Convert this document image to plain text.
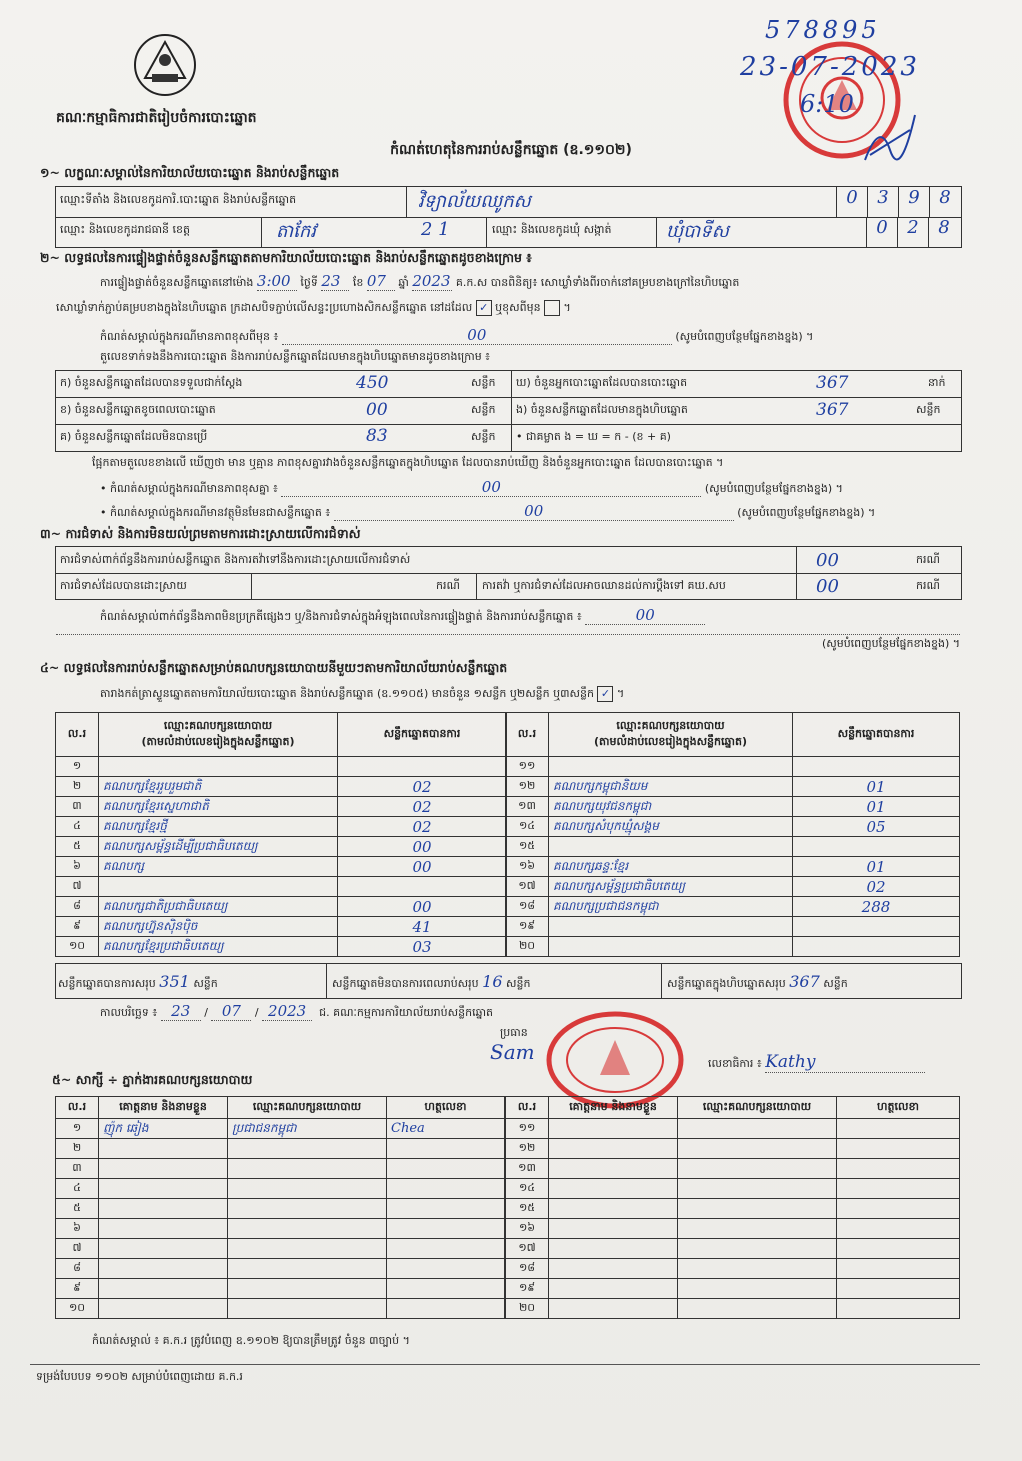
គណៈកម្មាធិការជាតិរៀបចំការបោះឆ្នោត
578895
23-07-2023
6:10
កំណត់ហេតុនៃការរាប់សន្លឹកឆ្នោត (ឧ.១១០២)
១~ លក្ខណៈសម្គាល់នៃការិយាល័យបោះឆ្នោត និងរាប់សន្លឹកឆ្នោត
ឈ្មោះទីតាំង និងលេខកូដការិ.បោះឆ្នោត និងរាប់សន្លឹកឆ្នោត	វិទ្យាល័យឈូកស	0	3	9	8
ឈ្មោះ និងលេខកូដរាជធានី ខេត្ត	តាកែវ	2 1	ឈ្មោះ និងលេខកូដឃុំ សង្កាត់	ឃុំបាទីស	0	2	8
២~ លទ្ធផលនៃការផ្ទៀងផ្ទាត់ចំនួនសន្លឹកឆ្នោតតាមការិយាល័យបោះឆ្នោត និងរាប់សន្លឹកឆ្នោតដូចខាងក្រោម ៖
ការផ្ទៀងផ្ទាត់ចំនួនសន្លឹកឆ្នោតនៅម៉ោង 3:00 ថ្ងៃទី 23 ខែ 07 ឆ្នាំ 2023 គ.ក.ស បានពិនិត្យ៖ សោឃ្លាំទាំងពីរចាក់នៅគម្របខាងក្រៅនៃហិបឆ្នោត
សោឃ្លាំទាក់ភ្ជាប់គម្របខាងក្នុងនៃហិបឆ្នោត ក្រដាសបិទភ្ជាប់លើសន្ទះប្រហោងសិកសន្លឹកឆ្នោត នៅដដែល ✓ ឬខុសពីមុន  ។
កំណត់សម្គាល់ក្នុងករណីមានភាពខុសពីមុន ៖	00	(សូមបំពេញបន្ថែមផ្នែកខាងខ្នង) ។
តួលេខទាក់ទងនឹងការបោះឆ្នោត និងការរាប់សន្លឹកឆ្នោតដែលមានក្នុងហិបឆ្នោតមានដូចខាងក្រោម ៖
ក) ចំនួនសន្លឹកឆ្នោតដែលបានទទួលជាក់ស្តែង	450	សន្លឹក ឃ) ចំនួនអ្នកបោះឆ្នោតដែលបានបោះឆ្នោត	367	នាក់
ខ) ចំនួនសន្លឹកឆ្នោតខូចពេលបោះឆ្នោត	00	សន្លឹក ង) ចំនួនសន្លឹកឆ្នោតដែលមានក្នុងហិបឆ្នោត	367	សន្លឹក
គ) ចំនួនសន្លឹកឆ្នោតដែលមិនបានប្រើ	83	សន្លឹក • ជាគម្លាត ង = ឃ = ក - (ខ + គ)
ផ្អែកតាមតួលេខខាងលើ ឃើញថា មាន ឬគ្មាន ភាពខុសគ្នារវាងចំនួនសន្លឹកឆ្នោតក្នុងហិបឆ្នោត ដែលបានរាប់ឃើញ និងចំនួនអ្នកបោះឆ្នោត ដែលបានបោះឆ្នោត ។
• កំណត់សម្គាល់ក្នុងករណីមានភាពខុសគ្នា ៖	00	(សូមបំពេញបន្ថែមផ្នែកខាងខ្នង) ។
• កំណត់សម្គាល់ក្នុងករណីមានវត្ថុមិនមែនជាសន្លឹកឆ្នោត ៖	00	(សូមបំពេញបន្ថែមផ្នែកខាងខ្នង) ។
៣~ ការជំទាស់ និងការមិនយល់ព្រមតាមការដោះស្រាយលើការជំទាស់
ការជំទាស់ពាក់ព័ន្ធនឹងការរាប់សន្លឹកឆ្នោត និងការតវ៉ាទៅនឹងការដោះស្រាយលើការជំទាស់	00	ករណី
ការជំទាស់ដែលបានដោះស្រាយ	ករណី ការតវ៉ា ឬការជំទាស់ដែលអាចឈានដល់ការប្តឹងទៅ គឃ.សប	00	ករណី
កំណត់សម្គាល់ពាក់ព័ន្ធនឹងភាពមិនប្រក្រតីផ្សេងៗ ឬ/និងការជំទាស់ក្នុងអំឡុងពេលនៃការផ្ទៀងផ្ទាត់ និងការរាប់សន្លឹកឆ្នោត ៖	00
(សូមបំពេញបន្ថែមផ្នែកខាងខ្នង) ។
៤~ លទ្ធផលនៃការរាប់សន្លឹកឆ្នោតសម្រាប់គណបក្សនយោបាយនីមួយៗតាមការិយាល័យរាប់សន្លឹកឆ្នោត
តារាងកត់ត្រាស្ទួនឆ្នោតតាមការិយាល័យបោះឆ្នោត និងរាប់សន្លឹកឆ្នោត (ឧ.១១០៥) មានចំនួន ១សន្លឹក ឬ២សន្លឹក ឬ៣សន្លឹក ✓ ។
ល.រ	ឈ្មោះគណបក្សនយោបាយ
(តាមលំដាប់លេខរៀងក្នុងសន្លឹកឆ្នោត)	សន្លឹកឆ្នោតបានការ
១		
២	គណបក្សខ្មែររួបរួមជាតិ	02
៣	គណបក្សខ្មែរស្នេហាជាតិ	02
៤	គណបក្សខ្មែរថ្មី	02
៥	គណបក្សសម្ព័ន្ធដើម្បីប្រជាធិបតេយ្យ	00
៦	គណបក្ស	00
៧		
៨	គណបក្សជាតិប្រជាធិបតេយ្យ	00
៩	គណបក្សហ្វ៊ុនស៊ិនប៉ិច	41
១០	គណបក្សខ្មែរប្រជាធិបតេយ្យ	03
ល.រ	ឈ្មោះគណបក្សនយោបាយ
(តាមលំដាប់លេខរៀងក្នុងសន្លឹកឆ្នោត)	សន្លឹកឆ្នោតបានការ
១១		
១២	គណបក្សកម្ពុជានិយម	01
១៣	គណបក្សយុវជនកម្ពុជា	01
១៤	គណបក្សសំបុកឃ្មុំសង្គម	05
១៥		
១៦	គណបក្សឆន្ទៈខ្មែរ	01
១៧	គណបក្សសម្ព័ន្ធប្រជាធិបតេយ្យ	02
១៨	គណបក្សប្រជាជនកម្ពុជា	288
១៩		
២០		
សន្លឹកឆ្នោតបានការសរុប 351 សន្លឹក	សន្លឹកឆ្នោតមិនបានការពេលរាប់សរុប 16 សន្លឹក	សន្លឹកឆ្នោតក្នុងហិបឆ្នោតសរុប 367 សន្លឹក
កាលបរិច្ឆេទ ៖ 23 / 07 / 2023 ជ. គណៈកម្មការការិយាល័យរាប់សន្លឹកឆ្នោត
ប្រធាន
Sam	លេខាធិការ ៖ Kathy
៥~ សាក្សី ÷ ភ្នាក់ងារគណបក្សនយោបាយ
ល.រ	គោត្តនាម និងនាមខ្លួន	ឈ្មោះគណបក្សនយោបាយ	ហត្ថលេខា
១	ញ៉ុក ឆៀង	ប្រជាជនកម្ពុជា	Chea
២			
៣			
៤			
៥			
៦			
៧			
៨			
៩			
១០			
ល.រ	គោត្តនាម និងនាមខ្លួន	ឈ្មោះគណបក្សនយោបាយ	ហត្ថលេខា
១១			
១២			
១៣			
១៤			
១៥			
១៦			
១៧			
១៨			
១៩			
២០			
កំណត់សម្គាល់ ៖ គ.ក.រ ត្រូវបំពេញ ឧ.១១០២ ឱ្យបានត្រឹមត្រូវ ចំនួន ៣ច្បាប់ ។
ទម្រង់បែបបទ ១១០២ សម្រាប់បំពេញដោយ គ.ក.រ
